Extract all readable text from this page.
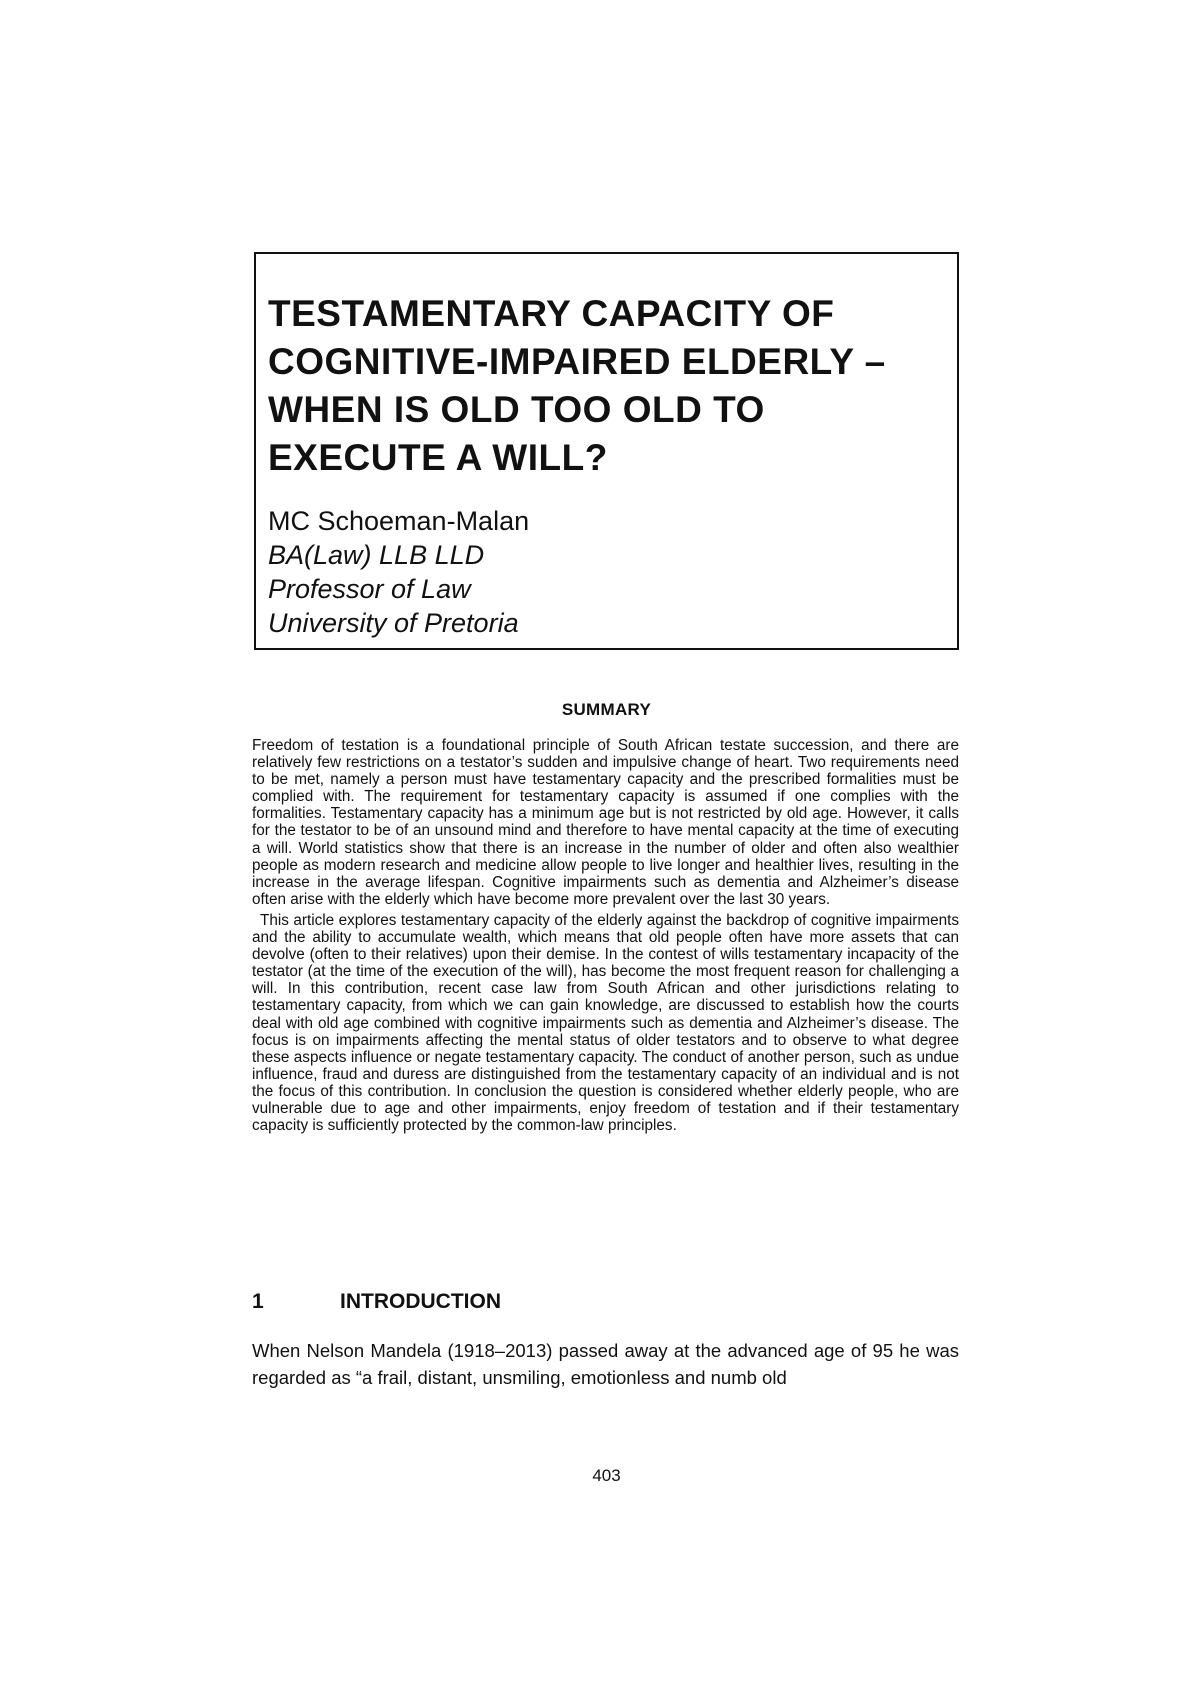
TESTAMENTARY CAPACITY OF
COGNITIVE-IMPAIRED ELDERLY –
WHEN IS OLD TOO OLD TO
EXECUTE A WILL?
MC Schoeman-Malan
BA(Law) LLB LLD
Professor of Law
University of Pretoria
SUMMARY

Freedom of testation is a foundational principle of South African testate succession, and there are relatively few restrictions on a testator’s sudden and impulsive change of heart. Two requirements need to be met, namely a person must have testamentary capacity and the prescribed formalities must be complied with. The requirement for testamentary capacity is assumed if one complies with the formalities. Testamentary capacity has a minimum age but is not restricted by old age. However, it calls for the testator to be of an unsound mind and therefore to have mental capacity at the time of executing a will. World statistics show that there is an increase in the number of older and often also wealthier people as modern research and medicine allow people to live longer and healthier lives, resulting in the increase in the average lifespan. Cognitive impairments such as dementia and Alzheimer’s disease often arise with the elderly which have become more prevalent over the last 30 years.

This article explores testamentary capacity of the elderly against the backdrop of cognitive impairments and the ability to accumulate wealth, which means that old people often have more assets that can devolve (often to their relatives) upon their demise. In the contest of wills testamentary incapacity of the testator (at the time of the execution of the will), has become the most frequent reason for challenging a will. In this contribution, recent case law from South African and other jurisdictions relating to testamentary capacity, from which we can gain knowledge, are discussed to establish how the courts deal with old age combined with cognitive impairments such as dementia and Alzheimer’s disease. The focus is on impairments affecting the mental status of older testators and to observe to what degree these aspects influence or negate testamentary capacity. The conduct of another person, such as undue influence, fraud and duress are distinguished from the testamentary capacity of an individual and is not the focus of this contribution. In conclusion the question is considered whether elderly people, who are vulnerable due to age and other impairments, enjoy freedom of testation and if their testamentary capacity is sufficiently protected by the common-law principles.

1	INTRODUCTION

When Nelson Mandela (1918–2013) passed away at the advanced age of 95 he was regarded as “a frail, distant, unsmiling, emotionless and numb old

403
